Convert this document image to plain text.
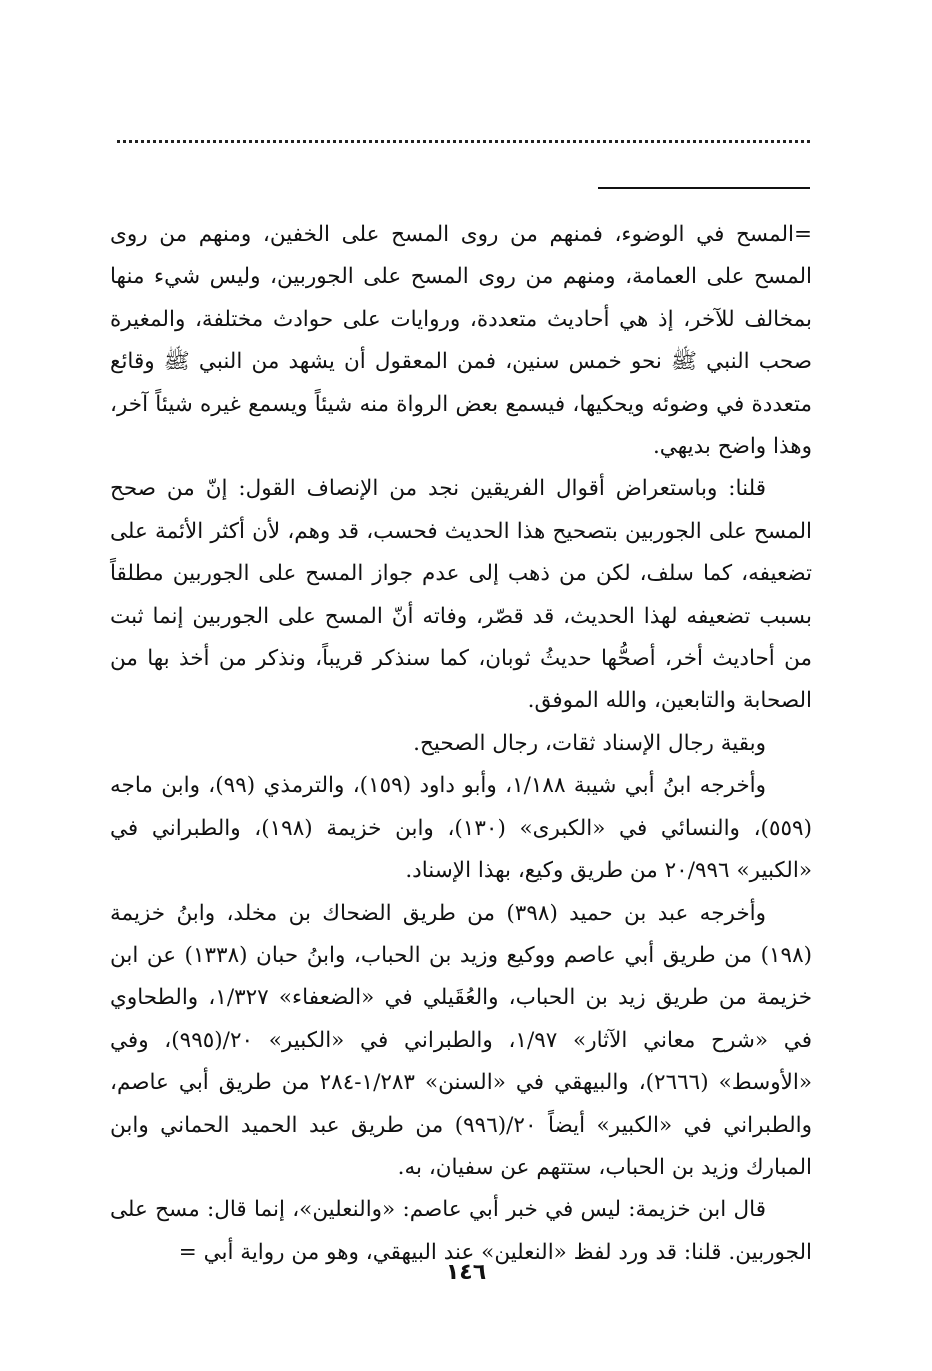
=المسح في الوضوء، فمنهم من روى المسح على الخفين، ومنهم من روى المسح على العمامة، ومنهم من روى المسح على الجوربين، وليس شيء منها بمخالف للآخر، إذ هي أحاديث متعددة، وروايات على حوادث مختلفة، والمغيرة صحب النبي ﷺ نحو خمس سنين، فمن المعقول أن يشهد من النبي ﷺ وقائع متعددة في وضوئه ويحكيها، فيسمع بعض الرواة منه شيئاً ويسمع غيره شيئاً آخر، وهذا واضح بديهي.

قلنا: وباستعراض أقوال الفريقين نجد من الإنصاف القول: إنّ من صحح المسح على الجوربين بتصحيح هذا الحديث فحسب، قد وهم، لأن أكثر الأئمة على تضعيفه، كما سلف، لكن من ذهب إلى عدم جواز المسح على الجوربين مطلقاً بسبب تضعيفه لهذا الحديث، قد قصّر، وفاته أنّ المسح على الجوربين إنما ثبت من أحاديث أخر، أصحُّها حديثُ ثوبان، كما سنذكر قريباً، ونذكر من أخذ بها من الصحابة والتابعين، والله الموفق.

وبقية رجال الإسناد ثقات، رجال الصحيح.

وأخرجه ابنُ أبي شيبة ١/١٨٨، وأبو داود (١٥٩)، والترمذي (٩٩)، وابن ماجه (٥٥٩)، والنسائي في «الكبرى» (١٣٠)، وابن خزيمة (١٩٨)، والطبراني في «الكبير» ٢٠/٩٩٦ من طريق وكيع، بهذا الإسناد.

وأخرجه عبد بن حميد (٣٩٨) من طريق الضحاك بن مخلد، وابنُ خزيمة (١٩٨) من طريق أبي عاصم ووكيع وزيد بن الحباب، وابنُ حبان (١٣٣٨) عن ابن خزيمة من طريق زيد بن الحباب، والعُقَيلي في «الضعفاء» ١/٣٢٧، والطحاوي في «شرح معاني الآثار» ١/٩٧، والطبراني في «الكبير» ٢٠/(٩٩٥)، وفي «الأوسط» (٢٦٦٦)، والبيهقي في «السنن» ١/٢٨٣-٢٨٤ من طريق أبي عاصم، والطبراني في «الكبير» أيضاً ٢٠/(٩٩٦) من طريق عبد الحميد الحماني وابن المبارك وزيد بن الحباب، ستتهم عن سفيان، به.

قال ابن خزيمة: ليس في خبر أبي عاصم: «والنعلين»، إنما قال: مسح على الجوربين. قلنا: قد ورد لفظ «النعلين» عند البيهقي، وهو من رواية أبي =

١٤٦
